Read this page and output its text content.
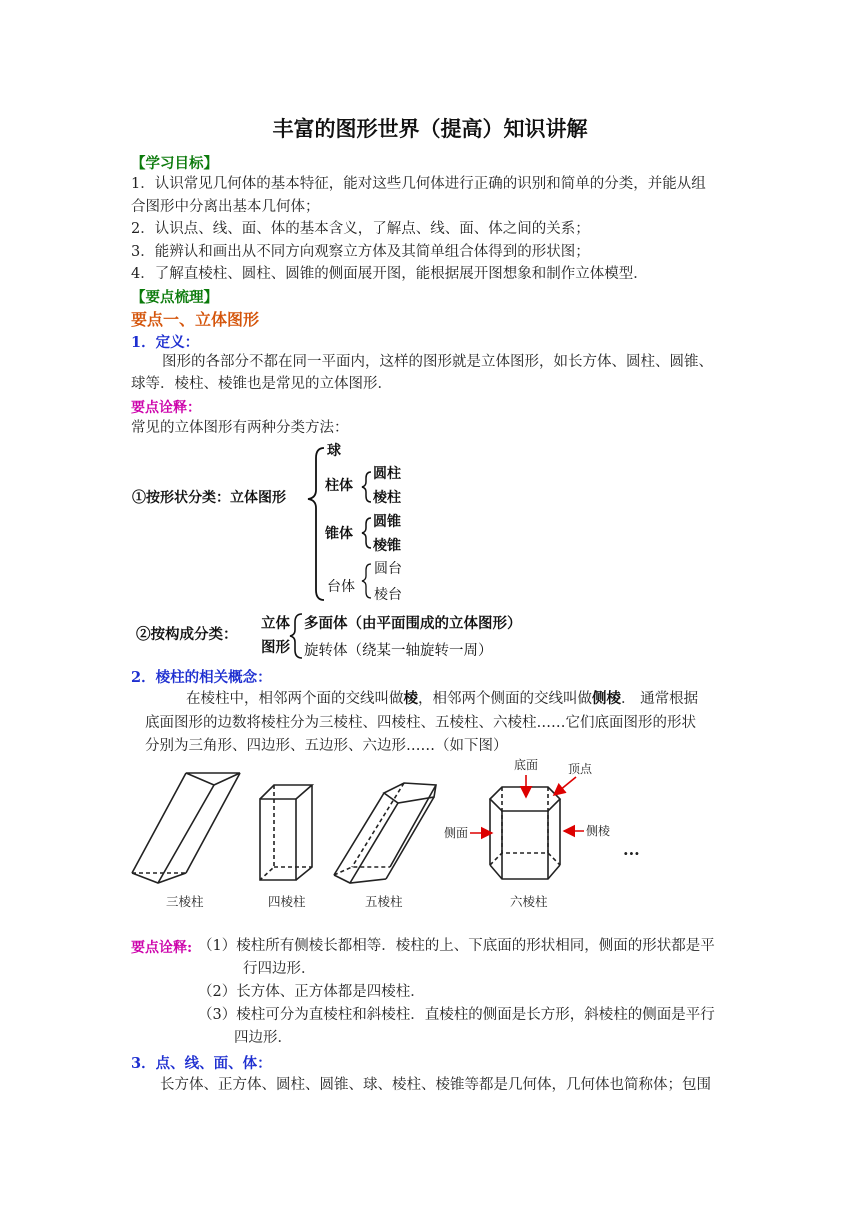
丰富的图形世界（提高）知识讲解
【学习目标】
1．认识常见几何体的基本特征，能对这些几何体进行正确的识别和简单的分类，并能从组
合图形中分离出基本几何体；
2．认识点、线、面、体的基本含义，了解点、线、面、体之间的关系；
3．能辨认和画出从不同方向观察立方体及其简单组合体得到的形状图；
4．了解直棱柱、圆柱、圆锥的侧面展开图，能根据展开图想象和制作立体模型．
【要点梳理】
要点一、立体图形
1．定义：
图形的各部分不都在同一平面内，这样的图形就是立体图形，如长方体、圆柱、圆锥、
球等．棱柱、棱锥也是常见的立体图形．
要点诠释：
常见的立体图形有两种分类方法：
①按形状分类：立体图形
球
柱体
圆柱
棱柱
锥体
圆锥
棱锥
台体
圆台
棱台
②按构成分类：
立体
图形
多面体（由平面围成的立体图形）
旋转体（绕某一轴旋转一周）
2．棱柱的相关概念：
在棱柱中，相邻两个面的交线叫做棱，相邻两个侧面的交线叫做侧棱． 通常根据
底面图形的边数将棱柱分为三棱柱、四棱柱、五棱柱、六棱柱……它们底面图形的形状
分别为三角形、四边形、五边形、六边形……（如下图）
底面 顶点
侧面	侧棱
···
三棱柱	四棱柱	五棱柱	六棱柱
要点诠释: （1）棱柱所有侧棱长都相等．棱柱的上、下底面的形状相同，侧面的形状都是平
行四边形．
（2）长方体、正方体都是四棱柱．
（3）棱柱可分为直棱柱和斜棱柱．直棱柱的侧面是长方形，斜棱柱的侧面是平行
四边形．
3．点、线、面、体：
长方体、正方体、圆柱、圆锥、球、棱柱、棱锥等都是几何体，几何体也简称体；包围
